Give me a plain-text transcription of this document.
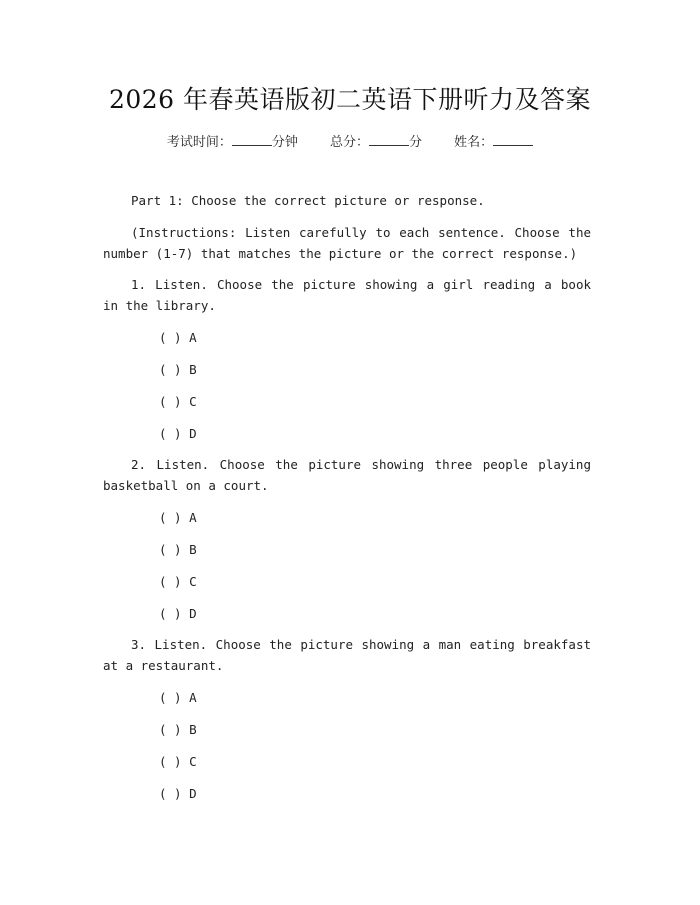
2026 年春英语版初二英语下册听力及答案
考试时间：	分钟 总分：	分 姓名：
Part 1: Choose the correct picture or response.
(Instructions: Listen carefully to each sentence. Choose the number (1-7) that matches the picture or the correct response.)
1. Listen. Choose the picture showing a girl reading a book in the library.
( ) A
( ) B
( ) C
( ) D
2. Listen. Choose the picture showing three people playing basketball on a court.
( ) A
( ) B
( ) C
( ) D
3. Listen. Choose the picture showing a man eating breakfast at a restaurant.
( ) A
( ) B
( ) C
( ) D
